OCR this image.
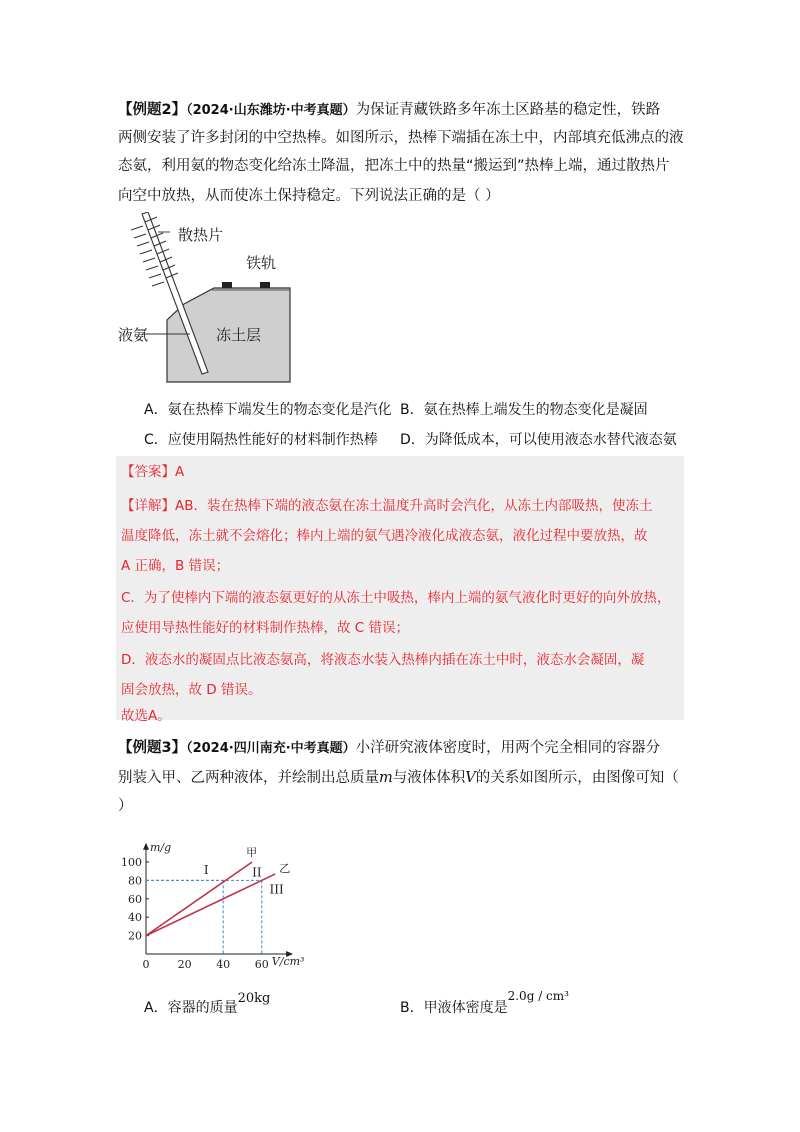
【例题2】（2024·山东潍坊·中考真题）为保证青藏铁路多年冻土区路基的稳定性，铁路
两侧安装了许多封闭的中空热棒。如图所示，热棒下端插在冻土中，内部填充低沸点的液
态氨，利用氨的物态变化给冻土降温，把冻土中的热量“搬运到”热棒上端，通过散热片
向空中放热，从而使冻土保持稳定。下列说法正确的是（ ）
散热片
铁轨
液氨	冻土层
A．氨在热棒下端发生的物态变化是汽化 B．氨在热棒上端发生的物态变化是凝固
C．应使用隔热性能好的材料制作热棒 D．为降低成本，可以使用液态水替代液态氨
【答案】A
【详解】AB．装在热棒下端的液态氨在冻土温度升高时会汽化，从冻土内部吸热，使冻土
温度降低，冻土就不会熔化；棒内上端的氨气遇冷液化成液态氨，液化过程中要放热，故
A 正确，B 错误；
C．为了使棒内下端的液态氨更好的从冻土中吸热，棒内上端的氨气液化时更好的向外放热，
应使用导热性能好的材料制作热棒，故 C 错误；
D．液态水的凝固点比液态氨高，将液态水装入热棒内插在冻土中时，液态水会凝固，凝
固会放热，故 D 错误。
故选A。
【例题3】（2024·四川南充·中考真题）小洋研究液体密度时，用两个完全相同的容器分
别装入甲、乙两种液体，并绘制出总质量m与液体体积V的关系如图所示，由图像可知（
）
m/g
V/cm³
20
40
60
80
100
0	20 40 60
甲
乙
I	II
III
A．容器的质量20kg
B．甲液体密度是2.0g / cm³
